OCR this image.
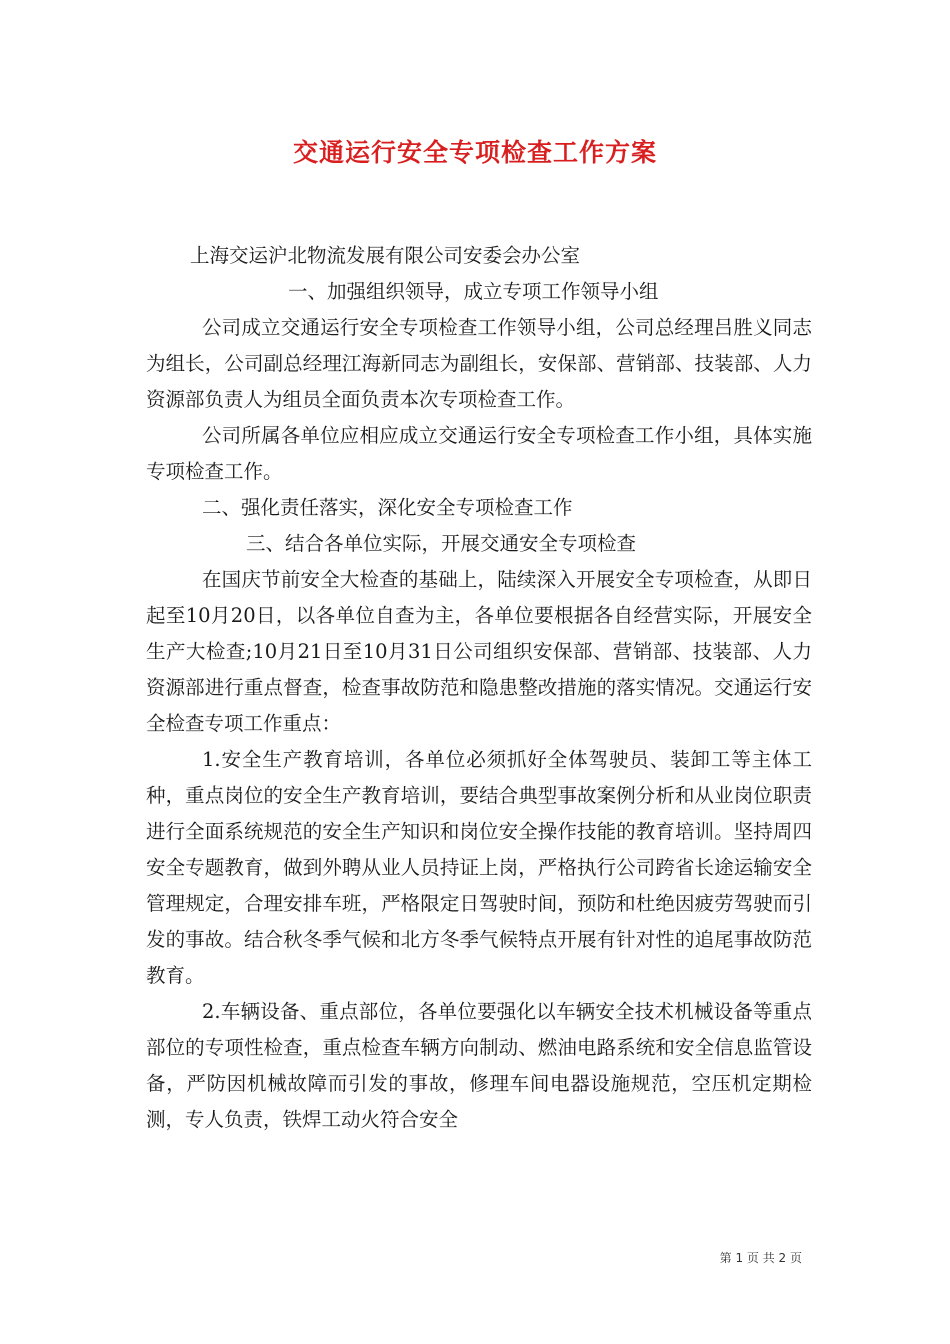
交通运行安全专项检查工作方案

上海交运沪北物流发展有限公司安委会办公室

一、加强组织领导，成立专项工作领导小组

公司成立交通运行安全专项检查工作领导小组，公司总经理吕胜义同志为组长，公司副总经理江海新同志为副组长，安保部、营销部、技装部、人力资源部负责人为组员全面负责本次专项检查工作。

公司所属各单位应相应成立交通运行安全专项检查工作小组，具体实施专项检查工作。

二、强化责任落实，深化安全专项检查工作

三、结合各单位实际，开展交通安全专项检查

在国庆节前安全大检查的基础上，陆续深入开展安全专项检查，从即日起至10月20日，以各单位自查为主，各单位要根据各自经营实际，开展安全生产大检查;10月21日至10月31日公司组织安保部、营销部、技装部、人力资源部进行重点督查，检查事故防范和隐患整改措施的落实情况。交通运行安全检查专项工作重点：

1.安全生产教育培训，各单位必须抓好全体驾驶员、装卸工等主体工种，重点岗位的安全生产教育培训，要结合典型事故案例分析和从业岗位职责进行全面系统规范的安全生产知识和岗位安全操作技能的教育培训。坚持周四安全专题教育，做到外聘从业人员持证上岗，严格执行公司跨省长途运输安全管理规定，合理安排车班，严格限定日驾驶时间，预防和杜绝因疲劳驾驶而引发的事故。结合秋冬季气候和北方冬季气候特点开展有针对性的追尾事故防范教育。

2.车辆设备、重点部位，各单位要强化以车辆安全技术机械设备等重点部位的专项性检查，重点检查车辆方向制动、燃油电路系统和安全信息监管设备，严防因机械故障而引发的事故，修理车间电器设施规范，空压机定期检测，专人负责，铁焊工动火符合安全

第 1 页 共 2 页
